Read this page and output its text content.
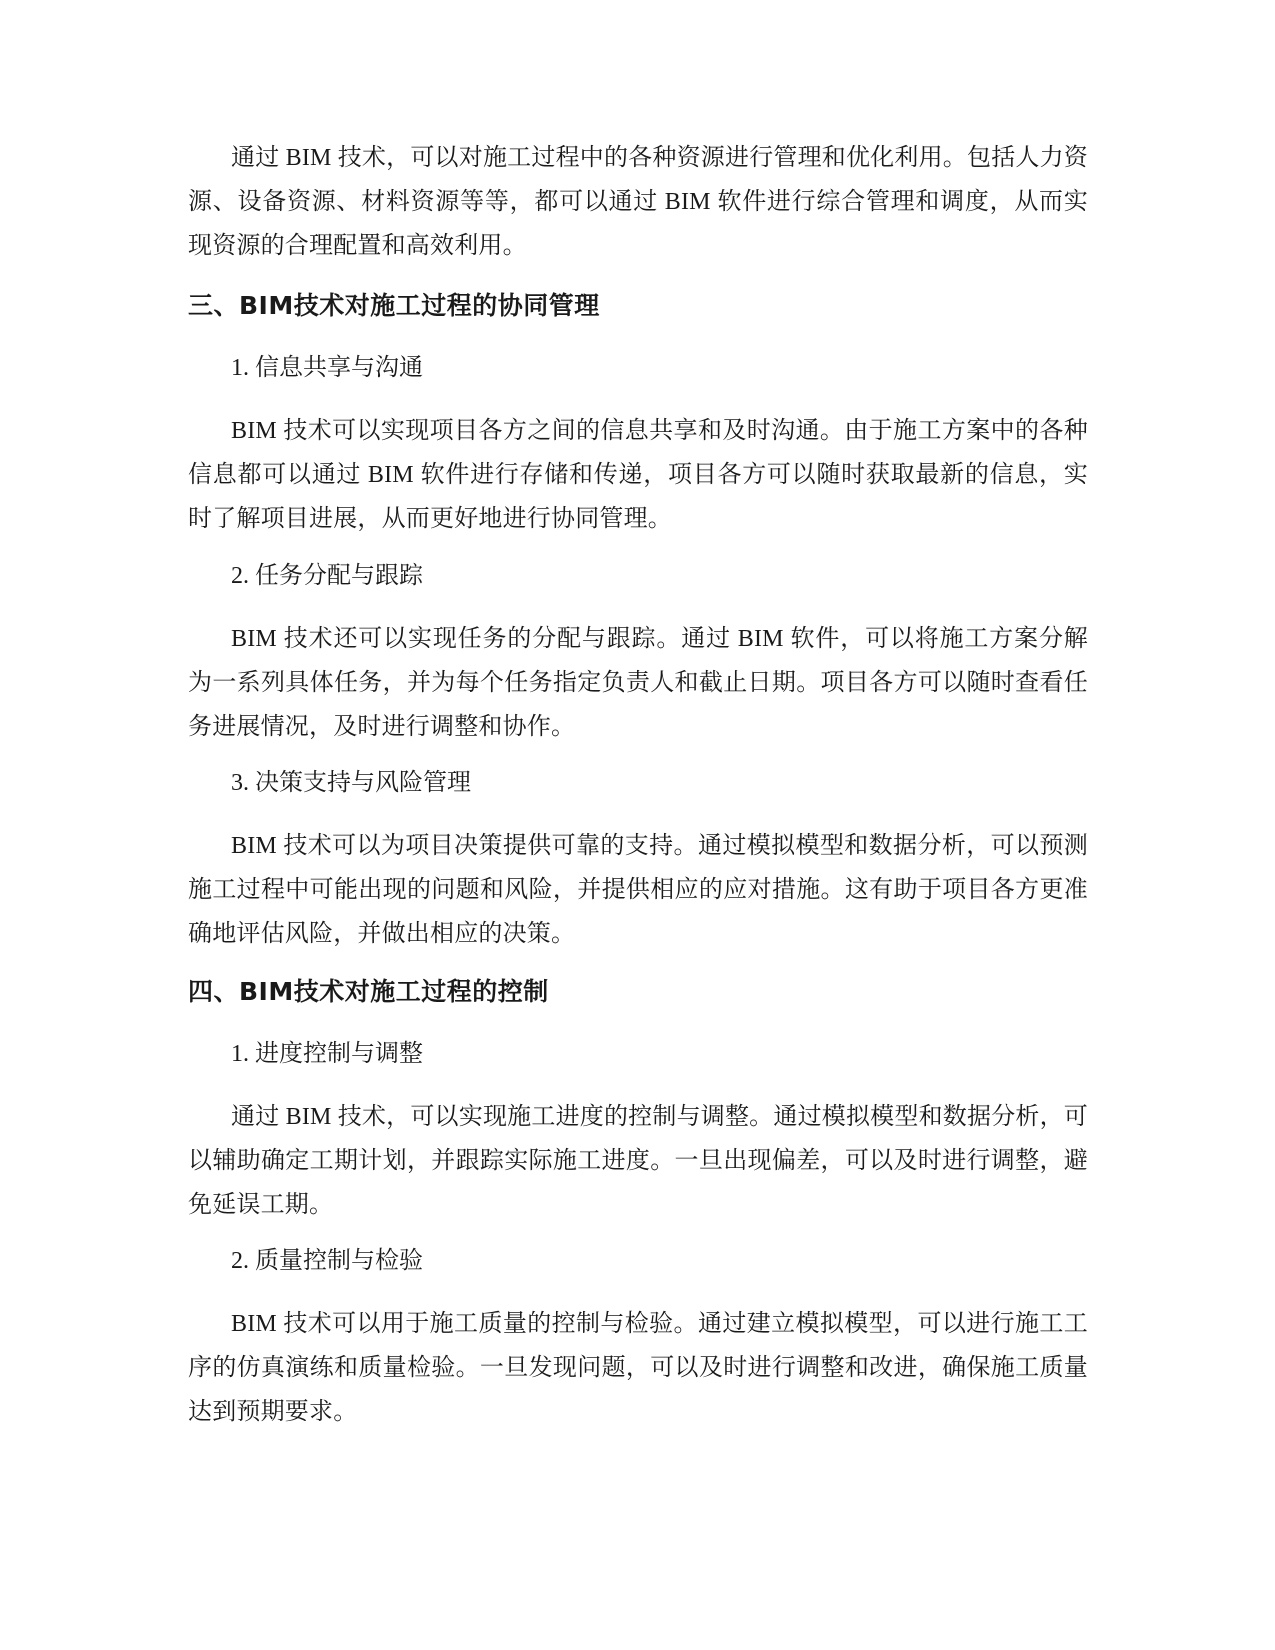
通过 BIM 技术，可以对施工过程中的各种资源进行管理和优化利用。包括人力资源、设备资源、材料资源等等，都可以通过 BIM 软件进行综合管理和调度，从而实现资源的合理配置和高效利用。

三、BIM技术对施工过程的协同管理

1. 信息共享与沟通

BIM 技术可以实现项目各方之间的信息共享和及时沟通。由于施工方案中的各种信息都可以通过 BIM 软件进行存储和传递，项目各方可以随时获取最新的信息，实时了解项目进展，从而更好地进行协同管理。

2. 任务分配与跟踪

BIM 技术还可以实现任务的分配与跟踪。通过 BIM 软件，可以将施工方案分解为一系列具体任务，并为每个任务指定负责人和截止日期。项目各方可以随时查看任务进展情况，及时进行调整和协作。

3. 决策支持与风险管理

BIM 技术可以为项目决策提供可靠的支持。通过模拟模型和数据分析，可以预测施工过程中可能出现的问题和风险，并提供相应的应对措施。这有助于项目各方更准确地评估风险，并做出相应的决策。

四、BIM技术对施工过程的控制

1. 进度控制与调整

通过 BIM 技术，可以实现施工进度的控制与调整。通过模拟模型和数据分析，可以辅助确定工期计划，并跟踪实际施工进度。一旦出现偏差，可以及时进行调整，避免延误工期。

2. 质量控制与检验

BIM 技术可以用于施工质量的控制与检验。通过建立模拟模型，可以进行施工工序的仿真演练和质量检验。一旦发现问题，可以及时进行调整和改进，确保施工质量达到预期要求。
